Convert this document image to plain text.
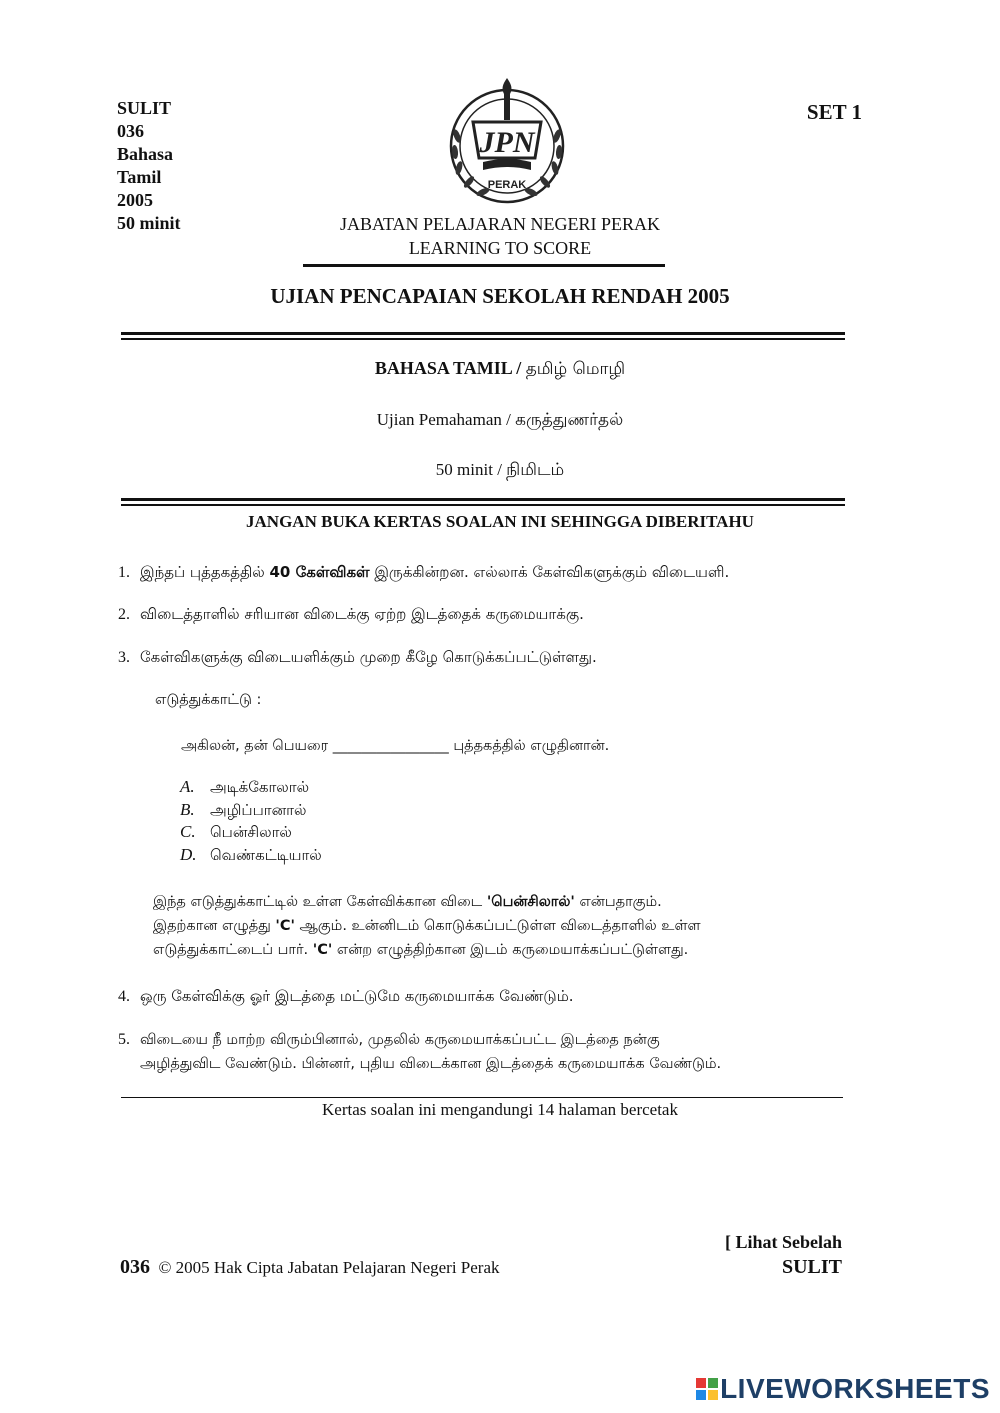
SULIT
036
Bahasa
Tamil
2005
50 minit
SET 1
JPN
PERAK
JABATAN PELAJARAN NEGERI PERAK
LEARNING TO SCORE
UJIAN PENCAPAIAN SEKOLAH RENDAH 2005
BAHASA TAMIL / தமிழ் மொழி
Ujian Pemahaman / கருத்துணர்தல்
50 minit / நிமிடம்
JANGAN BUKA KERTAS SOALAN INI SEHINGGA DIBERITAHU
1. இந்தப் புத்தகத்தில் 40 கேள்விகள் இருக்கின்றன. எல்லாக் கேள்விகளுக்கும் விடையளி.
2. விடைத்தாளில் சரியான விடைக்கு ஏற்ற இடத்தைக் கருமையாக்கு.
3. கேள்விகளுக்கு விடையளிக்கும் முறை கீழே கொடுக்கப்பட்டுள்ளது.
எடுத்துக்காட்டு :
அகிலன், தன் பெயரை ________________ புத்தகத்தில் எழுதினான்.
A. அடிக்கோலால்
B. அழிப்பானால்
C. பென்சிலால்
D. வெண்கட்டியால்
இந்த எடுத்துக்காட்டில் உள்ள கேள்விக்கான விடை 'பென்சிலால்' என்பதாகும்.
இதற்கான எழுத்து 'C' ஆகும். உன்னிடம் கொடுக்கப்பட்டுள்ள விடைத்தாளில் உள்ள
எடுத்துக்காட்டைப் பார். 'C' என்ற எழுத்திற்கான இடம் கருமையாக்கப்பட்டுள்ளது.
4. ஒரு கேள்விக்கு ஓர் இடத்தை மட்டுமே கருமையாக்க வேண்டும்.
5. விடையை நீ மாற்ற விரும்பினால், முதலில் கருமையாக்கப்பட்ட இடத்தை நன்கு
அழித்துவிட வேண்டும். பின்னர், புதிய விடைக்கான இடத்தைக் கருமையாக்க வேண்டும்.
Kertas soalan ini mengandungi 14 halaman bercetak
[ Lihat Sebelah
036 © 2005 Hak Cipta Jabatan Pelajaran Negeri Perak	SULIT
LIVEWORKSHEETS
